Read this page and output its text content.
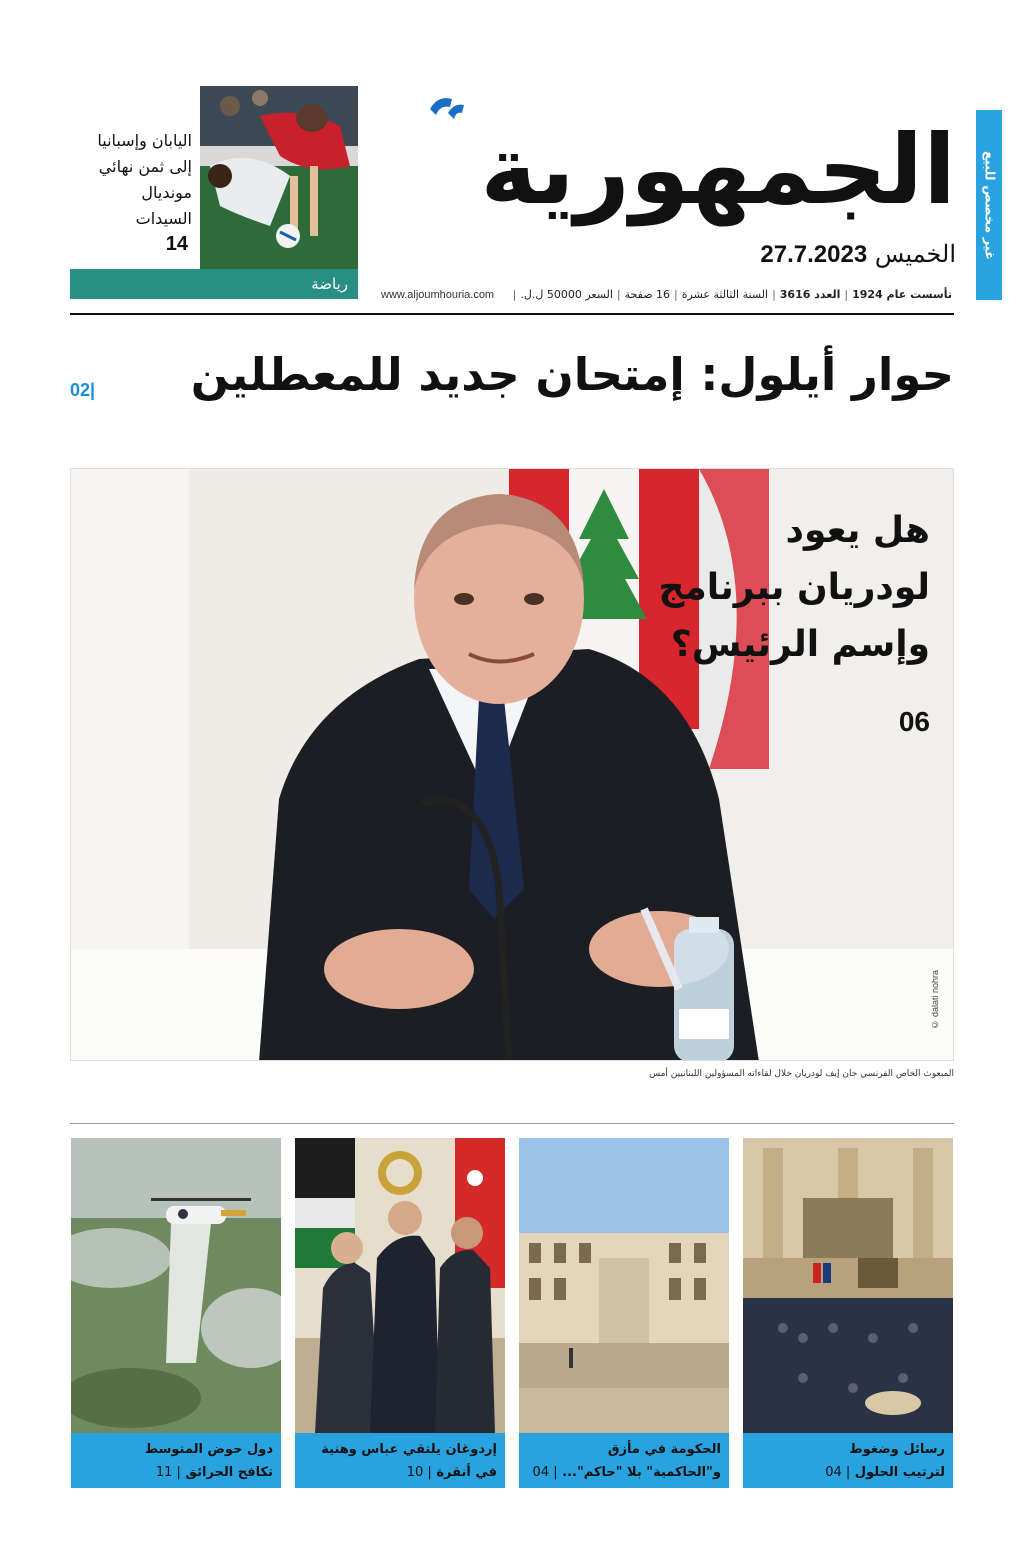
غير مخصص للبيع
الجمهورية
الخميس 27.7.2023
تأسست عام 1924|العدد 3616|السنة الثالثة عشرة|16 صفحة|السعر 50000 ل.ل.|
www.aljoumhouria.com
اليابان وإسبانيا
إلى ثمن نهائي
مونديال
السيدات
14
رياضة
حوار أيلول: إمتحان جديد للمعطلين
02|
هل يعود
لودريان ببرنامج
وإسم الرئيس؟
06
dalati nohra ©
المبعوث الخاص الفرنسي جان إيف لودريان خلال لقاءاته المسؤولين اللبنانيين أمس
رسائل وضغوط
لترتيب الحلول | 04
الحكومة في مأزق
و"الحاكمية" بلا "حاكم"... | 04
إردوغان يلتقي عباس وهنية
في أنقرة | 10
دول حوض المتوسط
تكافح الحرائق | 11
